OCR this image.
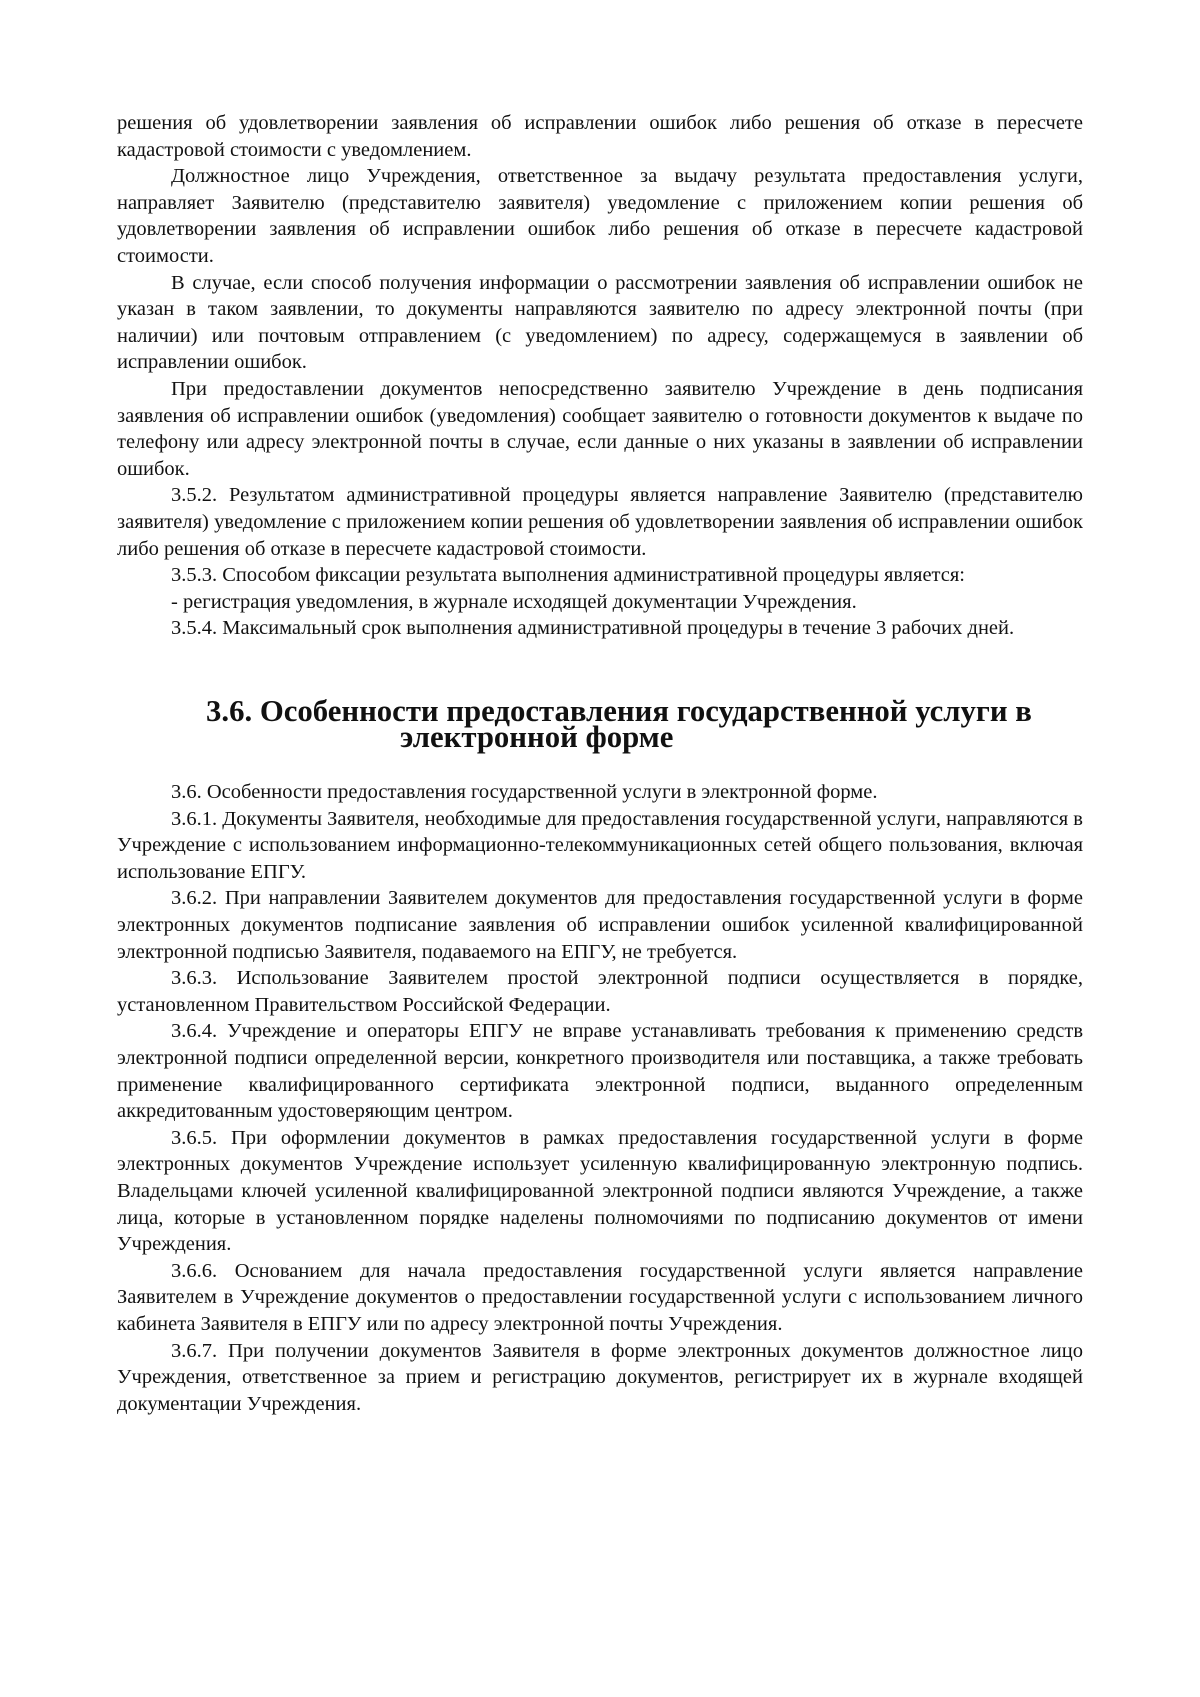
решения об удовлетворении заявления об исправлении ошибок либо решения об отказе в пересчете кадастровой стоимости с уведомлением.

Должностное лицо Учреждения, ответственное за выдачу результата предоставления услуги, направляет Заявителю (представителю заявителя) уведомление с приложением копии решения об удовлетворении заявления об исправлении ошибок либо решения об отказе в пересчете кадастровой стоимости.

В случае, если способ получения информации о рассмотрении заявления об исправлении ошибок не указан в таком заявлении, то документы направляются заявителю по адресу электронной почты (при наличии) или почтовым отправлением (с уведомлением) по адресу, содержащемуся в заявлении об исправлении ошибок.

При предоставлении документов непосредственно заявителю Учреждение в день подписания заявления об исправлении ошибок (уведомления) сообщает заявителю о готовности документов к выдаче по телефону или адресу электронной почты в случае, если данные о них указаны в заявлении об исправлении ошибок.

3.5.2. Результатом административной процедуры является направление Заявителю (представителю заявителя) уведомление с приложением копии решения об удовлетворении заявления об исправлении ошибок либо решения об отказе в пересчете кадастровой стоимости.

3.5.3. Способом фиксации результата выполнения административной процедуры является:

- регистрация уведомления, в журнале исходящей документации Учреждения.

3.5.4. Максимальный срок выполнения административной процедуры в течение 3 рабочих дней.

3.6. Особенности предоставления государственной услуги в
электронной форме

3.6. Особенности предоставления государственной услуги в электронной форме.

3.6.1. Документы Заявителя, необходимые для предоставления государственной услуги, направляются в Учреждение с использованием информационно-телекоммуникационных сетей общего пользования, включая использование ЕПГУ.

3.6.2. При направлении Заявителем документов для предоставления государственной услуги в форме электронных документов подписание заявления об исправлении ошибок усиленной квалифицированной электронной подписью Заявителя, подаваемого на ЕПГУ, не требуется.

3.6.3. Использование Заявителем простой электронной подписи осуществляется в порядке, установленном Правительством Российской Федерации.

3.6.4. Учреждение и операторы ЕПГУ не вправе устанавливать требования к применению средств электронной подписи определенной версии, конкретного производителя или поставщика, а также требовать применение квалифицированного сертификата электронной подписи, выданного определенным аккредитованным удостоверяющим центром.

3.6.5. При оформлении документов в рамках предоставления государственной услуги в форме электронных документов Учреждение использует усиленную квалифицированную электронную подпись. Владельцами ключей усиленной квалифицированной электронной подписи являются Учреждение, а также лица, которые в установленном порядке наделены полномочиями по подписанию документов от имени Учреждения.

3.6.6. Основанием для начала предоставления государственной услуги является направление Заявителем в Учреждение документов о предоставлении государственной услуги с использованием личного кабинета Заявителя в ЕПГУ или по адресу электронной почты Учреждения.

3.6.7. При получении документов Заявителя в форме электронных документов должностное лицо Учреждения, ответственное за прием и регистрацию документов, регистрирует их в журнале входящей документации Учреждения.
